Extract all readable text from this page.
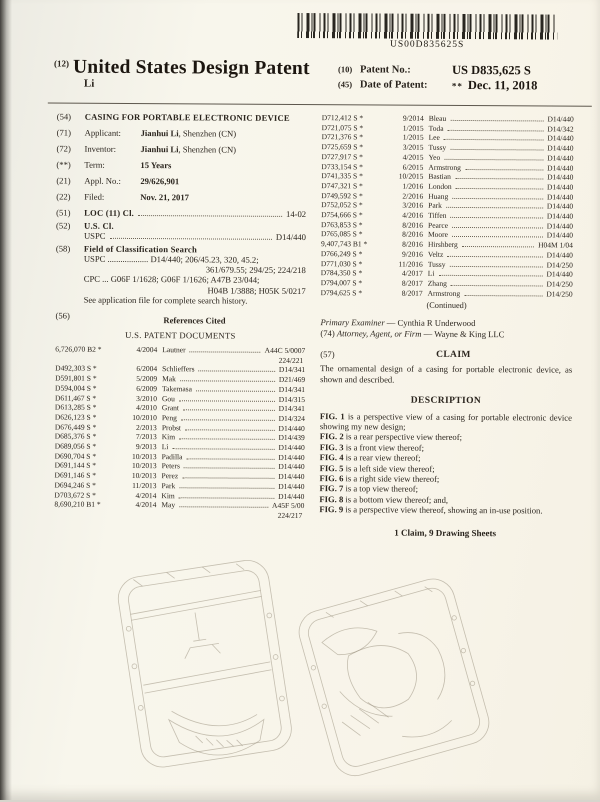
US00D835625S
$^{(12)}$ United States Design Patent
Li
(10) Patent No.:	US D835,625 S
(45) Date of Patent:	** Dec. 11, 2018
(54)	CASING FOR PORTABLE ELECTRONIC DEVICE
(71)	Applicant:	Jianhui Li, Shenzhen (CN)
(72)	Inventor:	Jianhui Li, Shenzhen (CN)
(**)	Term:	15 Years
(21)	Appl. No.:	29/626,901
(22)	Filed:	Nov. 21, 2017
(51)	LOC (11) Cl.	14-02
(52)	U.S. Cl.
USPC	D14/440
(58)	Field of Classification Search
USPC ................... D14/440; 206/45.23, 320, 45.2;
361/679.55; 294/25; 224/218
CPC ... G06F 1/1628; G06F 1/1626; A47B 23/044;
H04B 1/3888; H05K 5/0217
See application file for complete search history.
(56)	References Cited
U.S. PATENT DOCUMENTS
6,726,070 B2 *	4/2004 Lautner	A44C 5/0007
224/221
D492,303 S *	6/2004 Schlieffers	D14/341
D591,801 S *	5/2009 Mak	D21/469
D594,004 S *	6/2009 Takemasa	D14/341
D611,467 S *	3/2010 Gou	D14/315
D613,285 S *	4/2010 Grant	D14/341
D626,123 S *	10/2010 Peng	D14/324
D676,449 S *	2/2013 Probst	D14/440
D685,376 S *	7/2013 Kim	D14/439
D689,056 S *	9/2013 Li	D14/440
D690,704 S *	10/2013 Padilla	D14/440
D691,144 S *	10/2013 Peters	D14/440
D691,146 S *	10/2013 Perez	D14/440
D694,246 S *	11/2013 Park	D14/440
D703,672 S *	4/2014 Kim	D14/440
8,690,210 B1 *	4/2014 May	A45F 5/00
224/217
D712,412 S *	9/2014 Bleau	D14/440
D721,075 S *	1/2015 Toda	D14/342
D721,376 S *	1/2015 Lee	D14/440
D725,659 S *	3/2015 Tussy	D14/440
D727,917 S *	4/2015 Yeo	D14/440
D733,154 S *	6/2015 Armstrong	D14/440
D741,335 S *	10/2015 Bastian	D14/440
D747,321 S *	1/2016 London	D14/440
D749,592 S *	2/2016 Huang	D14/440
D752,052 S *	3/2016 Park	D14/440
D754,666 S *	4/2016 Tiffen	D14/440
D763,853 S *	8/2016 Pearce	D14/440
D765,085 S *	8/2016 Moore	D14/440
9,407,743 B1 *	8/2016 Hirshberg	H04M 1/04
D766,249 S *	9/2016 Veltz	D14/440
D771,030 S *	11/2016 Tussy	D14/250
D784,350 S *	4/2017 Li	D14/440
D794,007 S *	8/2017 Zhang	D14/250
D794,625 S *	8/2017 Armstrong	D14/250
(Continued)
Primary Examiner — Cynthia R Underwood
(74) Attorney, Agent, or Firm — Wayne & King LLC
(57)	CLAIM
The ornamental design of a casing for portable electronic device, as shown and described.
DESCRIPTION
FIG. 1 is a perspective view of a casing for portable electronic device showing my new design;
FIG. 2 is a rear perspective view thereof;
FIG. 3 is a front view thereof;
FIG. 4 is a rear view thereof;
FIG. 5 is a left side view thereof;
FIG. 6 is a right side view thereof;
FIG. 7 is a top view thereof;
FIG. 8 is a bottom view thereof; and,
FIG. 9 is a perspective view thereof, showing an in-use position.
1 Claim, 9 Drawing Sheets
